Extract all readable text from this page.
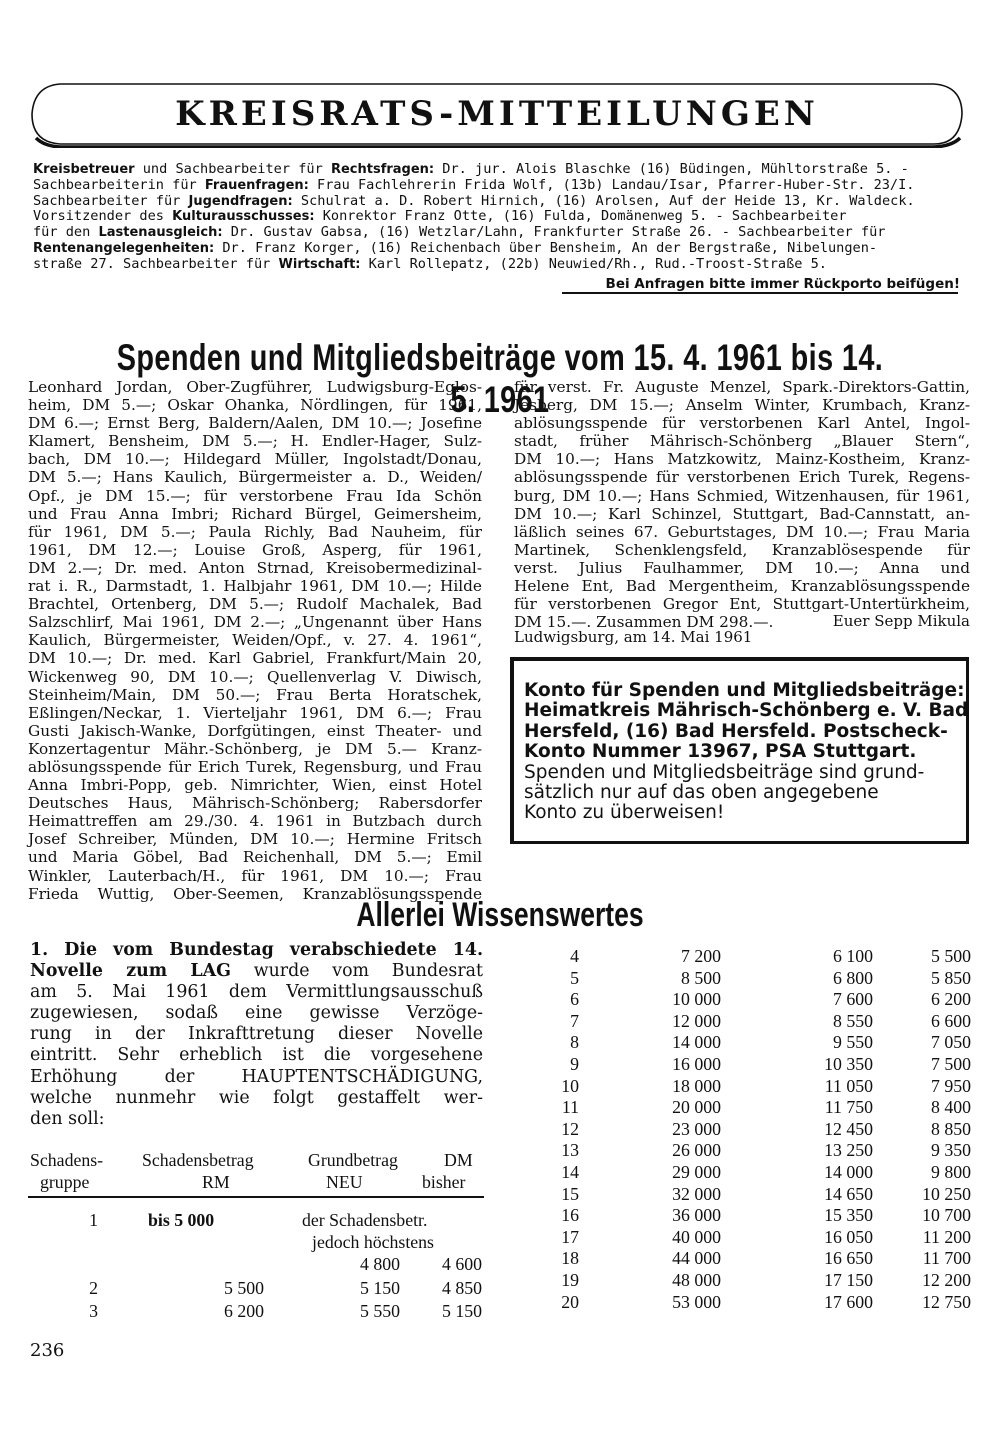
KREISRATS-MITTEILUNGEN
Kreisbetreuer und Sachbearbeiter für Rechtsfragen: Dr. jur. Alois Blaschke (16) Büdingen, Mühltorstraße 5. -
Sachbearbeiterin für Frauenfragen: Frau Fachlehrerin Frida Wolf, (13b) Landau/Isar, Pfarrer-Huber-Str. 23/I.
Sachbearbeiter für Jugendfragen: Schulrat a. D. Robert Hirnich, (16) Arolsen, Auf der Heide 13, Kr. Waldeck.
Vorsitzender des Kulturausschusses: Konrektor Franz Otte, (16) Fulda, Domänenweg 5. - Sachbearbeiter
für den Lastenausgleich: Dr. Gustav Gabsa, (16) Wetzlar/Lahn, Frankfurter Straße 26. - Sachbearbeiter für
Rentenangelegenheiten: Dr. Franz Korger, (16) Reichenbach über Bensheim, An der Bergstraße, Nibelungen-
straße 27. Sachbearbeiter für Wirtschaft: Karl Rollepatz, (22b) Neuwied/Rh., Rud.-Troost-Straße 5.
Bei Anfragen bitte immer Rückporto beifügen!
Spenden und Mitgliedsbeiträge vom 15. 4. 1961 bis 14. 5. 1961
Leonhard Jordan, Ober-Zugführer, Ludwigsburg-Eglos-
heim, DM 5.—; Oskar Ohanka, Nördlingen, für 1961,
DM 6.—; Ernst Berg, Baldern/Aalen, DM 10.—; Josefine
Klamert, Bensheim, DM 5.—; H. Endler-Hager, Sulz-
bach, DM 10.—; Hildegard Müller, Ingolstadt/Donau,
DM 5.—; Hans Kaulich, Bürgermeister a. D., Weiden/
Opf., je DM 15.—; für verstorbene Frau Ida Schön
und Frau Anna Imbri; Richard Bürgel, Geimersheim,
für 1961, DM 5.—; Paula Richly, Bad Nauheim, für
1961, DM 12.—; Louise Groß, Asperg, für 1961,
DM 2.—; Dr. med. Anton Strnad, Kreisobermedizinal-
rat i. R., Darmstadt, 1. Halbjahr 1961, DM 10.—; Hilde
Brachtel, Ortenberg, DM 5.—; Rudolf Machalek, Bad
Salzschlirf, Mai 1961, DM 2.—; „Ungenannt über Hans
Kaulich, Bürgermeister, Weiden/Opf., v. 27. 4. 1961“,
DM 10.—; Dr. med. Karl Gabriel, Frankfurt/Main 20,
Wickenweg 90, DM 10.—; Quellenverlag V. Diwisch,
Steinheim/Main, DM 50.—; Frau Berta Horatschek,
Eßlingen/Neckar, 1. Vierteljahr 1961, DM 6.—; Frau
Gusti Jakisch-Wanke, Dorfgütingen, einst Theater- und
Konzertagentur Mähr.-Schönberg, je DM 5.— Kranz-
ablösungsspende für Erich Turek, Regensburg, und Frau
Anna Imbri-Popp, geb. Nimrichter, Wien, einst Hotel
Deutsches Haus, Mährisch-Schönberg; Rabersdorfer
Heimattreffen am 29./30. 4. 1961 in Butzbach durch
Josef Schreiber, Münden, DM 10.—; Hermine Fritsch
und Maria Göbel, Bad Reichenhall, DM 5.—; Emil
Winkler, Lauterbach/H., für 1961, DM 10.—; Frau
Frieda Wuttig, Ober-Seemen, Kranzablösungsspende
für verst. Fr. Auguste Menzel, Spark.-Direktors-Gattin,
Jesberg, DM 15.—; Anselm Winter, Krumbach, Kranz-
ablösungsspende für verstorbenen Karl Antel, Ingol-
stadt, früher Mährisch-Schönberg „Blauer Stern“,
DM 10.—; Hans Matzkowitz, Mainz-Kostheim, Kranz-
ablösungsspende für verstorbenen Erich Turek, Regens-
burg, DM 10.—; Hans Schmied, Witzenhausen, für 1961,
DM 10.—; Karl Schinzel, Stuttgart, Bad-Cannstatt, an-
läßlich seines 67. Geburtstages, DM 10.—; Frau Maria
Martinek, Schenklengsfeld, Kranzablösespende für
verst. Julius Faulhammer, DM 10.—; Anna und
Helene Ent, Bad Mergentheim, Kranzablösungsspende
für verstorbenen Gregor Ent, Stuttgart-Untertürkheim,
DM 15.—. Zusammen DM 298.—.	Euer Sepp Mikula
Ludwigsburg, am 14. Mai 1961
Konto für Spenden und Mitgliedsbeiträge:
Heimatkreis Mährisch-Schönberg e. V. Bad
Hersfeld, (16) Bad Hersfeld. Postscheck-
Konto Nummer 13967, PSA Stuttgart.
Spenden und Mitgliedsbeiträge sind grund-
sätzlich nur auf das oben angegebene
Konto zu überweisen!
Allerlei Wissenswertes
1. Die vom Bundestag verabschiedete 14.
Novelle zum LAG wurde vom Bundesrat
am 5. Mai 1961 dem Vermittlungsausschuß
zugewiesen, sodaß eine gewisse Verzöge-
rung in der Inkrafttretung dieser Novelle
eintritt. Sehr erheblich ist die vorgesehene
Erhöhung der HAUPTENTSCHÄDIGUNG,
welche nunmehr wie folgt gestaffelt wer-
den soll:
Schadens- Schadensbetrag	Grundbetrag	DM
gruppe	RM	NEU	bisher
1	bis 5 000	der Schadensbetr.
jedoch höchstens
4 800	4 600
2	5 500	5 150	4 850
3	6 200	5 550	5 150
4	7 200	6 100	5 500
5	8 500	6 800	5 850
6	10 000	7 600	6 200
7	12 000	8 550	6 600
8	14 000	9 550	7 050
9	16 000	10 350	7 500
10	18 000	11 050	7 950
11	20 000	11 750	8 400
12	23 000	12 450	8 850
13	26 000	13 250	9 350
14	29 000	14 000	9 800
15	32 000	14 650	10 250
16	36 000	15 350	10 700
17	40 000	16 050	11 200
18	44 000	16 650	11 700
19	48 000	17 150	12 200
20	53 000	17 600	12 750
236
